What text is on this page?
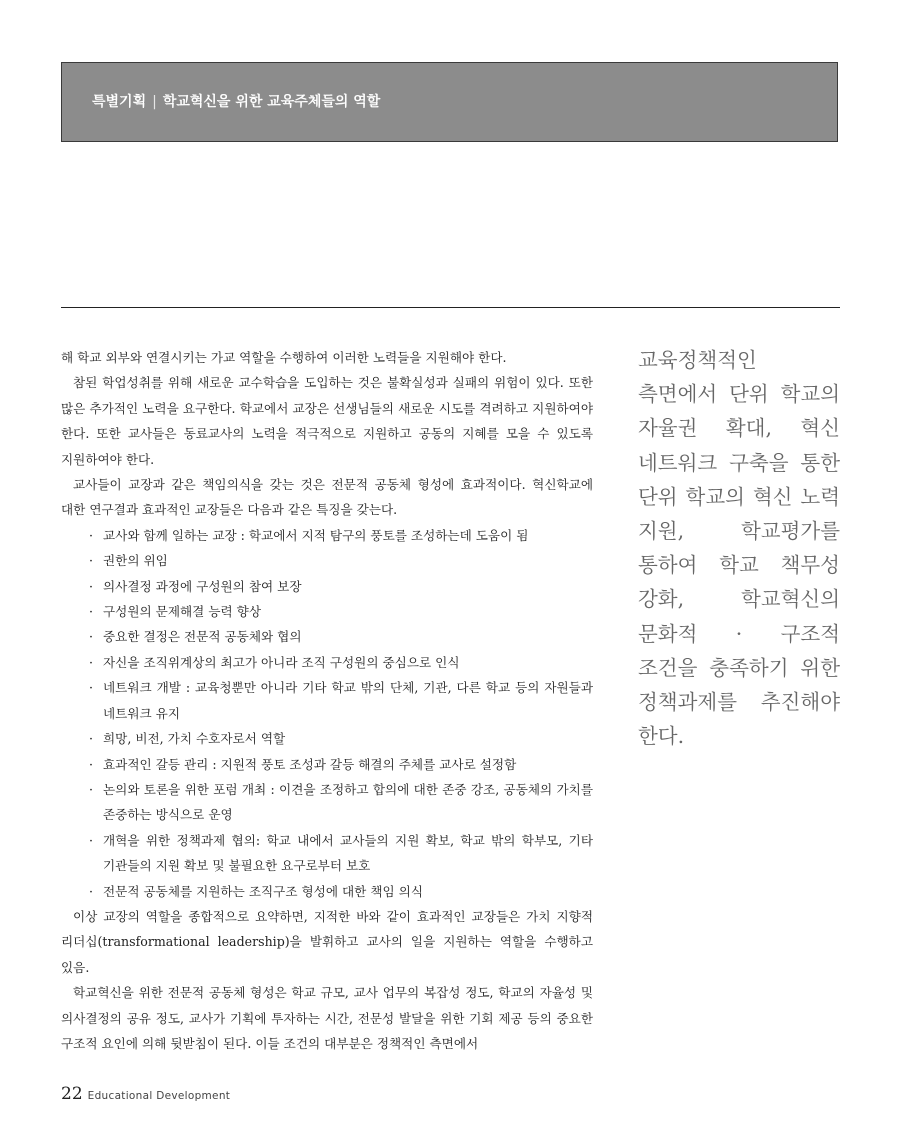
특별기획 | 학교혁신을 위한 교육주체들의 역할

해 학교 외부와 연결시키는 가교 역할을 수행하여 이러한 노력들을 지원해야 한다.

참된 학업성취를 위해 새로운 교수학습을 도입하는 것은 불확실성과 실패의 위험이 있다. 또한 많은 추가적인 노력을 요구한다. 학교에서 교장은 선생님들의 새로운 시도를 격려하고 지원하여야 한다. 또한 교사들은 동료교사의 노력을 적극적으로 지원하고 공동의 지혜를 모을 수 있도록 지원하여야 한다.

교사들이 교장과 같은 책임의식을 갖는 것은 전문적 공동체 형성에 효과적이다. 혁신학교에 대한 연구결과 효과적인 교장들은 다음과 같은 특징을 갖는다.

· 교사와 함께 일하는 교장 : 학교에서 지적 탐구의 풍토를 조성하는데 도움이 됨
· 권한의 위임
· 의사결정 과정에 구성원의 참여 보장
· 구성원의 문제해결 능력 향상
· 중요한 결정은 전문적 공동체와 협의
· 자신을 조직위계상의 최고가 아니라 조직 구성원의 중심으로 인식
· 네트워크 개발 : 교육청뿐만 아니라 기타 학교 밖의 단체, 기관, 다른 학교 등의 자원들과 네트워크 유지
· 희망, 비전, 가치 수호자로서 역할
· 효과적인 갈등 관리 : 지원적 풍토 조성과 갈등 해결의 주체를 교사로 설정함
· 논의와 토론을 위한 포럼 개최 : 이견을 조정하고 합의에 대한 존중 강조, 공동체의 가치를 존중하는 방식으로 운영
· 개혁을 위한 정책과제 협의: 학교 내에서 교사들의 지원 확보, 학교 밖의 학부모, 기타 기관들의 지원 확보 및 불필요한 요구로부터 보호
· 전문적 공동체를 지원하는 조직구조 형성에 대한 책임 의식

이상 교장의 역할을 종합적으로 요약하면, 지적한 바와 같이 효과적인 교장들은 가치 지향적 리더십(transformational leadership)을 발휘하고 교사의 일을 지원하는 역할을 수행하고 있음.

학교혁신을 위한 전문적 공동체 형성은 학교 규모, 교사 업무의 복잡성 정도, 학교의 자율성 및 의사결정의 공유 정도, 교사가 기획에 투자하는 시간, 전문성 발달을 위한 기회 제공 등의 중요한 구조적 요인에 의해 뒷받침이 된다. 이들 조건의 대부분은 정책적인 측면에서

교육정책적인 측면에서 단위 학교의 자율권 확대, 혁신 네트워크 구축을 통한 단위 학교의 혁신 노력 지원, 학교평가를 통하여 학교 책무성 강화, 학교혁신의 문화적 · 구조적 조건을 충족하기 위한 정책과제를 추진해야 한다.
22 Educational Development
